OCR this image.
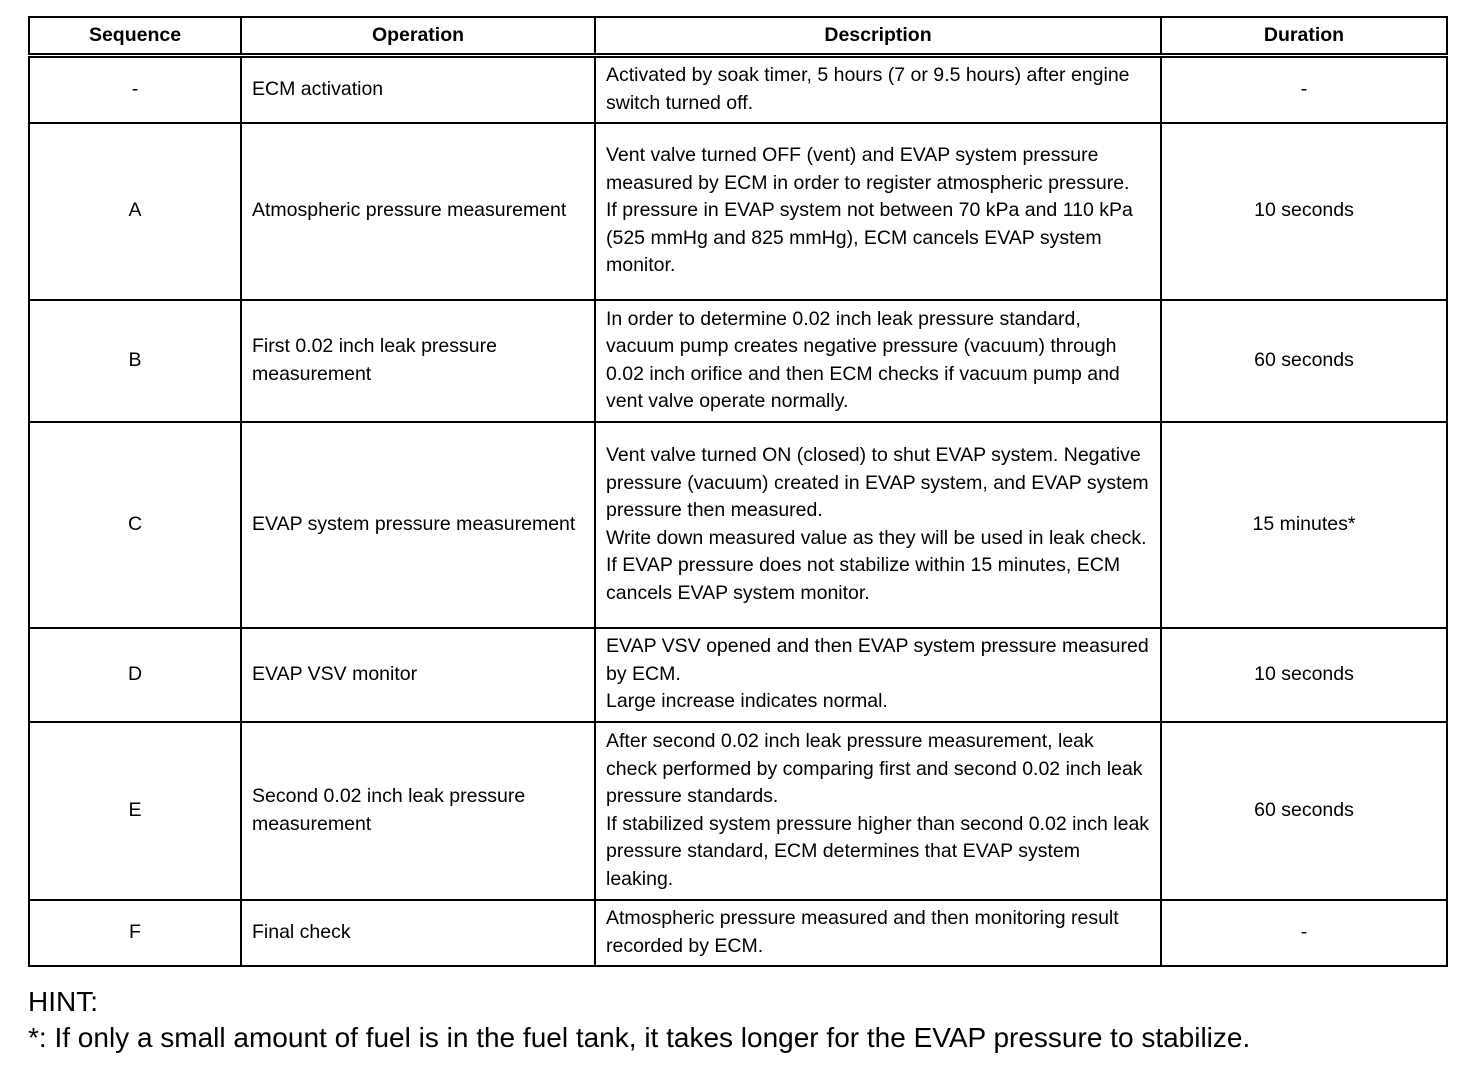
Sequence	Operation	Description	Duration
-	ECM activation	Activated by soak timer, 5 hours (7 or 9.5 hours) after engine switch turned off.	-
A	Atmospheric pressure measurement	Vent valve turned OFF (vent) and EVAP system pressure measured by ECM in order to register atmospheric pressure.
If pressure in EVAP system not between 70 kPa and 110 kPa (525 mmHg and 825 mmHg), ECM cancels EVAP system monitor.	10 seconds
B	First 0.02 inch leak pressure measurement	In order to determine 0.02 inch leak pressure standard, vacuum pump creates negative pressure (vacuum) through 0.02 inch orifice and then ECM checks if vacuum pump and vent valve operate normally.	60 seconds
C	EVAP system pressure measurement	Vent valve turned ON (closed) to shut EVAP system. Negative pressure (vacuum) created in EVAP system, and EVAP system pressure then measured.
Write down measured value as they will be used in leak check.
If EVAP pressure does not stabilize within 15 minutes, ECM cancels EVAP system monitor.	15 minutes*
D	EVAP VSV monitor	EVAP VSV opened and then EVAP system pressure measured by ECM.
Large increase indicates normal.	10 seconds
E	Second 0.02 inch leak pressure measurement	After second 0.02 inch leak pressure measurement, leak check performed by comparing first and second 0.02 inch leak pressure standards.
If stabilized system pressure higher than second 0.02 inch leak pressure standard, ECM determines that EVAP system leaking.	60 seconds
F	Final check	Atmospheric pressure measured and then monitoring result recorded by ECM.	-
HINT:
*: If only a small amount of fuel is in the fuel tank, it takes longer for the EVAP pressure to stabilize.
